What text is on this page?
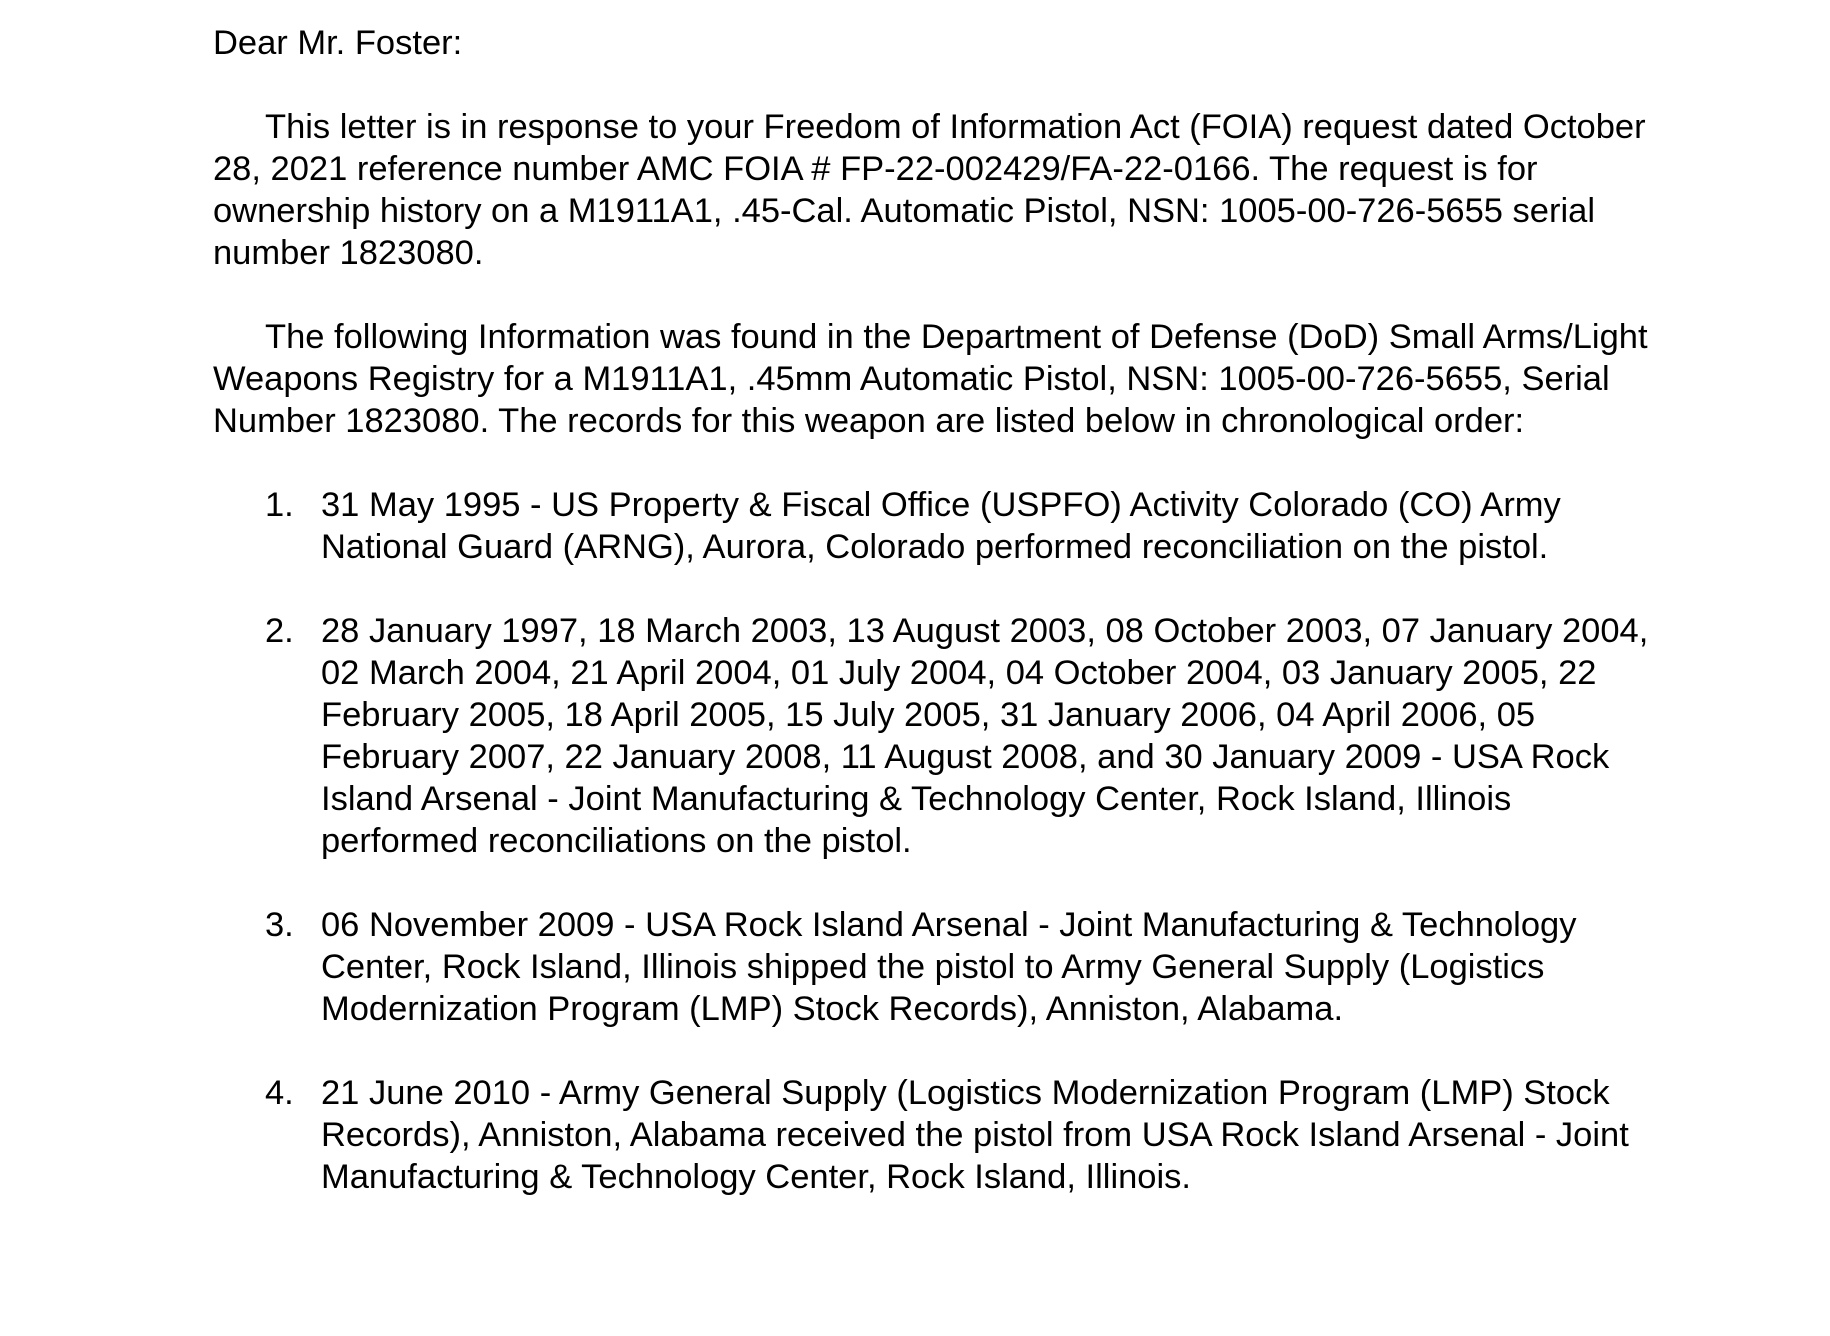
Dear Mr. Foster:

This letter is in response to your Freedom of Information Act (FOIA) request dated October 28, 2021 reference number AMC FOIA # FP-22-002429/FA-22-0166. The request is for ownership history on a M1911A1, .45-Cal. Automatic Pistol, NSN: 1005-00-726-5655 serial number 1823080.

The following Information was found in the Department of Defense (DoD) Small Arms/Light Weapons Registry for a M1911A1, .45mm Automatic Pistol, NSN: 1005-00-726-5655, Serial Number 1823080. The records for this weapon are listed below in chronological order:

1. 31 May 1995 - US Property & Fiscal Office (USPFO) Activity Colorado (CO) Army National Guard (ARNG), Aurora, Colorado performed reconciliation on the pistol.
2. 28 January 1997, 18 March 2003, 13 August 2003, 08 October 2003, 07 January 2004, 02 March 2004, 21 April 2004, 01 July 2004, 04 October 2004, 03 January 2005, 22 February 2005, 18 April 2005, 15 July 2005, 31 January 2006, 04 April 2006, 05 February 2007, 22 January 2008, 11 August 2008, and 30 January 2009 - USA Rock Island Arsenal - Joint Manufacturing & Technology Center, Rock Island, Illinois performed reconciliations on the pistol.
3. 06 November 2009 - USA Rock Island Arsenal - Joint Manufacturing & Technology Center, Rock Island, Illinois shipped the pistol to Army General Supply (Logistics Modernization Program (LMP) Stock Records), Anniston, Alabama.
4. 21 June 2010 - Army General Supply (Logistics Modernization Program (LMP) Stock Records), Anniston, Alabama received the pistol from USA Rock Island Arsenal - Joint Manufacturing & Technology Center, Rock Island, Illinois.
